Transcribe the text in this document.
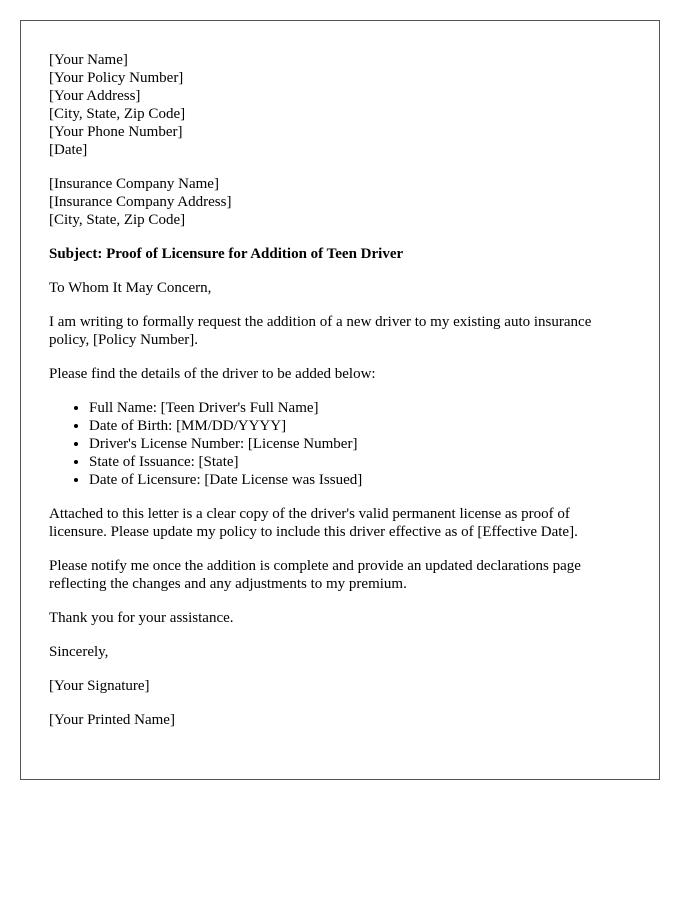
[Your Name]
[Your Policy Number]
[Your Address]
[City, State, Zip Code]
[Your Phone Number]
[Date]
[Insurance Company Name]
[Insurance Company Address]
[City, State, Zip Code]

Subject: Proof of Licensure for Addition of Teen Driver

To Whom It May Concern,

I am writing to formally request the addition of a new driver to my existing auto insurance policy, [Policy Number].

Please find the details of the driver to be added below:

• Full Name: [Teen Driver's Full Name]
• Date of Birth: [MM/DD/YYYY]
• Driver's License Number: [License Number]
• State of Issuance: [State]
• Date of Licensure: [Date License was Issued]

Attached to this letter is a clear copy of the driver's valid permanent license as proof of licensure. Please update my policy to include this driver effective as of [Effective Date].

Please notify me once the addition is complete and provide an updated declarations page reflecting the changes and any adjustments to my premium.

Thank you for your assistance.

Sincerely,

[Your Signature]

[Your Printed Name]
